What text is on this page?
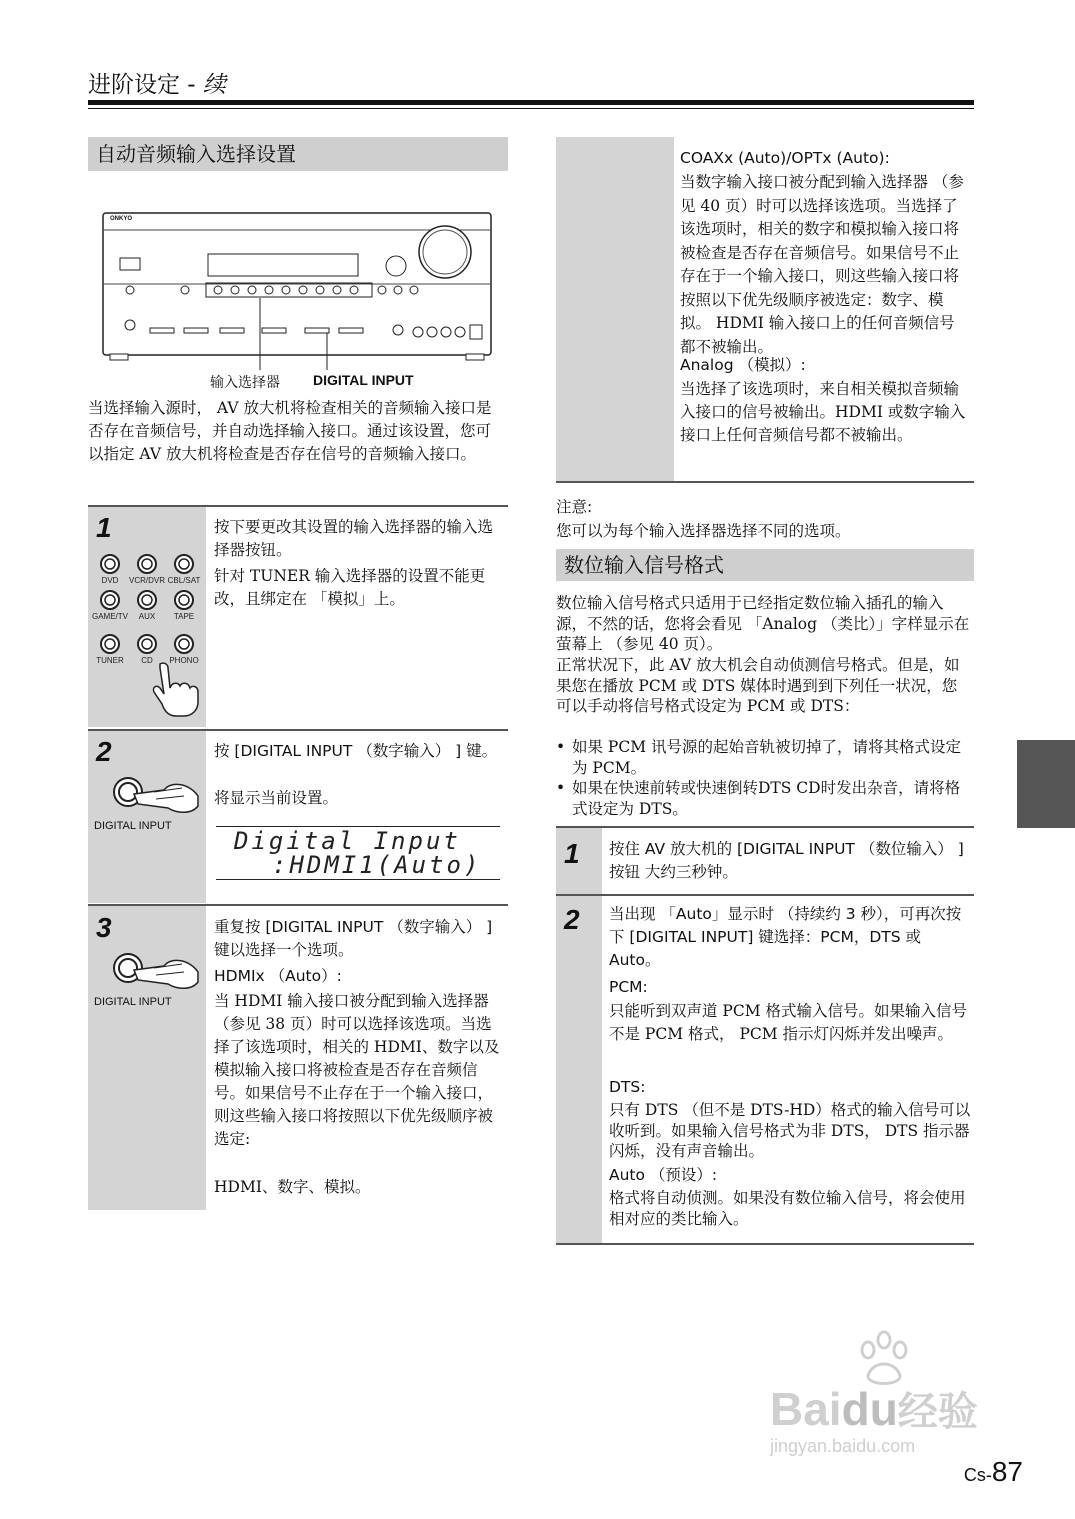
进阶设定 - 续
自动音频输入选择设置
ONKYO
输入选择器 DIGITAL INPUT
当选择输入源时， AV 放大机将检查相关的音频输入接口是否存在音频信号，并自动选择输入接口。通过该设置，您可以指定 AV 放大机将检查是否存在信号的音频输入接口。
1
DVD	VCR/DVR CBL/SAT
GAME/TV	AUX	TAPE
TUNER	CD	PHONO
按下要更改其设置的输入选择器的输入选择器按钮。
针对 TUNER 输入选择器的设置不能更改，且绑定在 「模拟」上。
2
DIGITAL INPUT
按 [DIGITAL INPUT （数字输入） ] 键。
将显示当前设置。
Digital Input
:HDMI1(Auto)
3
DIGITAL INPUT
重复按 [DIGITAL INPUT （数字输入） ] 键以选择一个选项。
HDMIx （Auto）:
当 HDMI 输入接口被分配到输入选择器 （参见 38 页）时可以选择该选项。当选择了该选项时，相关的 HDMI、数字以及模拟输入接口将被检查是否存在音频信号。如果信号不止存在于一个输入接口，则这些输入接口将按照以下优先级顺序被选定:
HDMI、数字、模拟。
COAXx (Auto)/OPTx (Auto):
当数字输入接口被分配到输入选择器 （参见 40 页）时可以选择该选项。当选择了该选项时，相关的数字和模拟输入接口将被检查是否存在音频信号。如果信号不止存在于一个输入接口，则这些输入接口将按照以下优先级顺序被选定：数字、模拟。 HDMI 输入接口上的任何音频信号都不被输出。
Analog （模拟）:
当选择了该选项时，来自相关模拟音频输入接口的信号被输出。HDMI 或数字输入接口上任何音频信号都不被输出。
注意:
您可以为每个输入选择器选择不同的选项。
数位输入信号格式
数位输入信号格式只适用于已经指定数位输入插孔的输入源，不然的话，您将会看见 「Analog （类比）」字样显示在萤幕上 （参见 40 页）。
正常状况下，此 AV 放大机会自动侦测信号格式。但是，如果您在播放 PCM 或 DTS 媒体时遇到到下列任一状况，您可以手动将信号格式设定为 PCM 或 DTS：
• 如果 PCM 讯号源的起始音轨被切掉了，请将其格式设定为 PCM。
• 如果在快速前转或快速倒转DTS CD时发出杂音，请将格式设定为 DTS。
1 按住 AV 放大机的 [DIGITAL INPUT （数位输入） ] 按钮 大约三秒钟。
2 当出现 「Auto」显示时 （持续约 3 秒），可再次按下 [DIGITAL INPUT] 键选择：PCM，DTS 或 Auto。
PCM:
只能听到双声道 PCM 格式输入信号。如果输入信号不是 PCM 格式， PCM 指示灯闪烁并发出噪声。
DTS:
只有 DTS （但不是 DTS-HD）格式的输入信号可以收听到。如果输入信号格式为非 DTS， DTS 指示器闪烁，没有声音输出。
Auto （预设）:
格式将自动侦测。如果没有数位输入信号，将会使用相对应的类比输入。
Baidu经验
jingyan.baidu.com
Cs-87
